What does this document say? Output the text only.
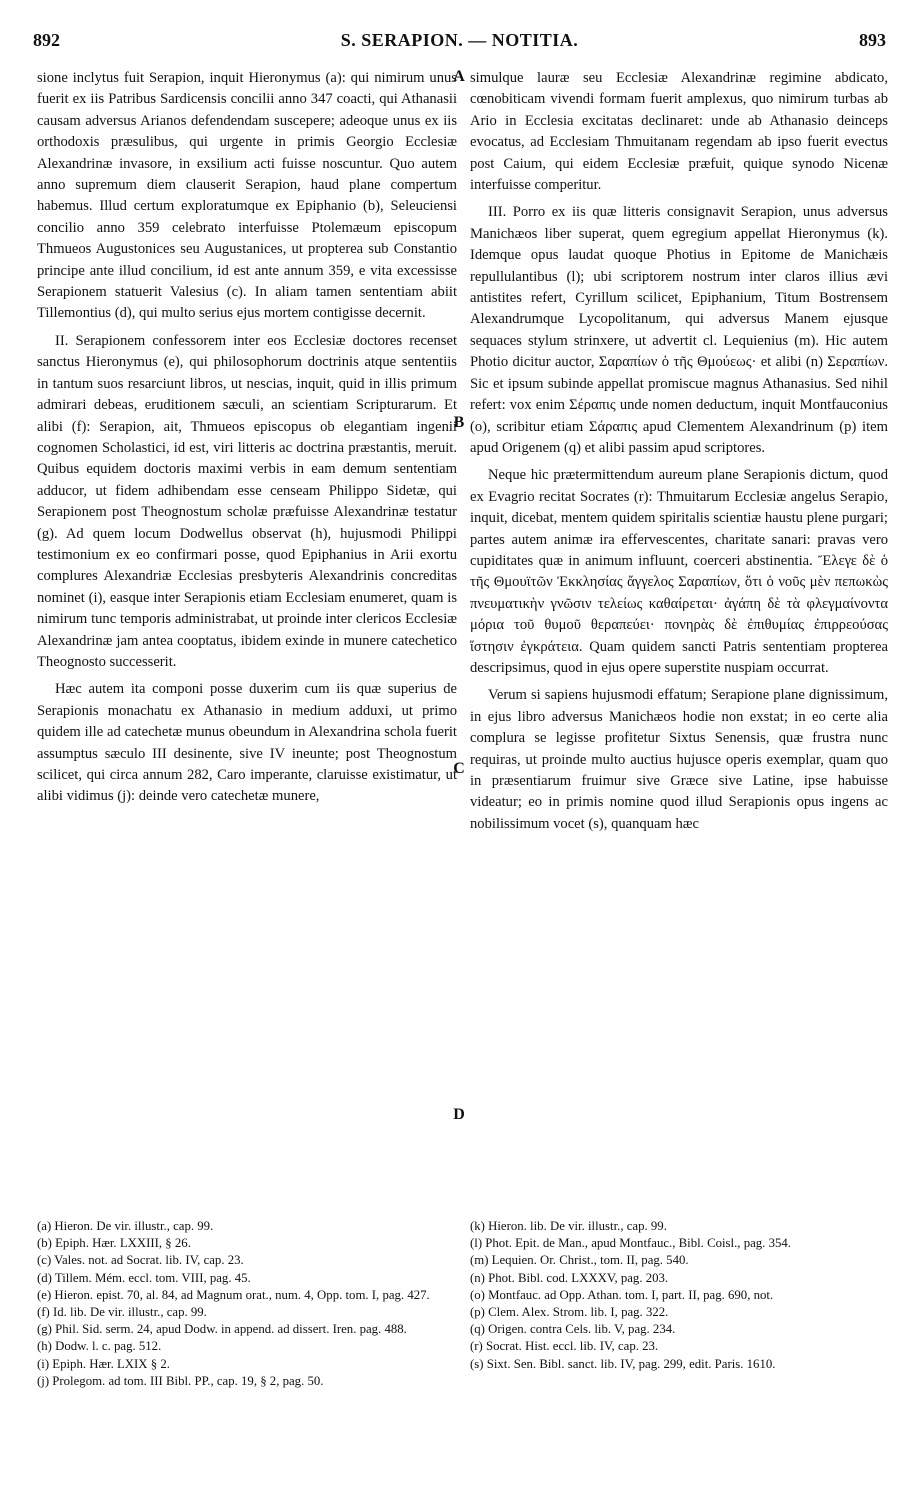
892	S. SERAPION. — NOTITIA.	893

sione inclytus fuit Serapion, inquit Hieronymus (a): qui nimirum unus fuerit ex iis Patribus Sardicensis concilii anno 347 coacti, qui Athanasii causam adversus Arianos defendendam suscepere; adeoque unus ex iis orthodoxis præsulibus, qui urgente in primis Georgio Ecclesiæ Alexandrinæ invasore, in exsilium acti fuisse noscuntur. Quo autem anno supremum diem clauserit Serapion, haud plane compertum habemus. Illud certum exploratumque ex Epiphanio (b), Seleuciensi concilio anno 359 celebrato interfuisse Ptolemæum episcopum Thmueos Augustonices seu Augustanices, ut propterea sub Constantio principe ante illud concilium, id est ante annum 359, e vita excessisse Serapionem statuerit Valesius (c). In aliam tamen sententiam abiit Tillemontius (d), qui multo serius ejus mortem contigisse decernit.

II. Serapionem confessorem inter eos Ecclesiæ doctores recenset sanctus Hieronymus (e), qui philosophorum doctrinis atque sententiis in tantum suos resarciunt libros, ut nescias, inquit, quid in illis primum admirari debeas, eruditionem sæculi, an scientiam Scripturarum. Et alibi (f): Serapion, ait, Thmueos episcopus ob elegantiam ingenii cognomen Scholastici, id est, viri litteris ac doctrina præstantis, meruit. Quibus equidem doctoris maximi verbis in eam demum sententiam adducor, ut fidem adhibendam esse censeam Philippo Sidetæ, qui Serapionem post Theognostum scholæ præfuisse Alexandrinæ testatur (g). Ad quem locum Dodwellus observat (h), hujusmodi Philippi testimonium ex eo confirmari posse, quod Epiphanius in Arii exortu complures Alexandriæ Ecclesias presbyteris Alexandrinis concreditas nominet (i), easque inter Serapionis etiam Ecclesiam enumeret, quam is nimirum tunc temporis administrabat, ut proinde inter clericos Ecclesiæ Alexandrinæ jam antea cooptatus, ibidem exinde in munere catechetico Theognosto successerit.

Hæc autem ita componi posse duxerim cum iis quæ superius de Serapionis monachatu ex Athanasio in medium adduxi, ut primo quidem ille ad catechetæ munus obeundum in Alexandrina schola fuerit assumptus sæculo III desinente, sive IV ineunte; post Theognostum scilicet, qui circa annum 282, Caro imperante, claruisse existimatur, ut alibi vidimus (j): deinde vero catechetæ munere,

A
B
C
D

simulque lauræ seu Ecclesiæ Alexandrinæ regimine abdicato, cœnobiticam vivendi formam fuerit amplexus, quo nimirum turbas ab Ario in Ecclesia excitatas declinaret: unde ab Athanasio deinceps evocatus, ad Ecclesiam Thmuitanam regendam ab ipso fuerit evectus post Caium, qui eidem Ecclesiæ præfuit, quique synodo Nicenæ interfuisse comperitur.

III. Porro ex iis quæ litteris consignavit Serapion, unus adversus Manichæos liber superat, quem egregium appellat Hieronymus (k). Idemque opus laudat quoque Photius in Epitome de Manichæis repullulantibus (l); ubi scriptorem nostrum inter claros illius ævi antistites refert, Cyrillum scilicet, Epiphanium, Titum Bostrensem Alexandrumque Lycopolitanum, qui adversus Manem ejusque sequaces stylum strinxere, ut advertit cl. Lequienius (m). Hic autem Photio dicitur auctor, Σαραπίων ὁ τῆς Θμούεως· et alibi (n) Σεραπίων. Sic et ipsum subinde appellat promiscue magnus Athanasius. Sed nihil refert: vox enim Σέραπις unde nomen deductum, inquit Montfauconius (o), scribitur etiam Σάραπις apud Clementem Alexandrinum (p) item apud Origenem (q) et alibi passim apud scriptores.

Neque hic prætermittendum aureum plane Serapionis dictum, quod ex Evagrio recitat Socrates (r): Thmuitarum Ecclesiæ angelus Serapio, inquit, dicebat, mentem quidem spiritalis scientiæ haustu plene purgari; partes autem animæ ira effervescentes, charitate sanari: pravas vero cupiditates quæ in animum influunt, coerceri abstinentia. Ἔλεγε δὲ ὁ τῆς Θμουϊτῶν Ἐκκλησίας ἄγγελος Σαραπίων, ὅτι ὁ νοῦς μὲν πεπωκὼς πνευματικὴν γνῶσιν τελείως καθαίρεται· ἀγάπη δὲ τὰ φλεγμαίνοντα μόρια τοῦ θυμοῦ θεραπεύει· πονηρὰς δὲ ἐπιθυμίας ἐπιρρεούσας ἵστησιν ἐγκράτεια. Quam quidem sancti Patris sententiam propterea descripsimus, quod in ejus opere superstite nuspiam occurrat.

Verum si sapiens hujusmodi effatum; Serapione plane dignissimum, in ejus libro adversus Manichæos hodie non exstat; in eo certe alia complura se legisse profitetur Sixtus Senensis, quæ frustra nunc requiras, ut proinde multo auctius hujusce operis exemplar, quam quo in præsentiarum fruimur sive Græce sive Latine, ipse habuisse videatur; eo in primis nomine quod illud Serapionis opus ingens ac nobilissimum vocet (s), quanquam hæc

(a) Hieron. De vir. illustr., cap. 99.

(b) Epiph. Hær. LXXIII, § 26.

(c) Vales. not. ad Socrat. lib. IV, cap. 23.

(d) Tillem. Mém. eccl. tom. VIII, pag. 45.

(e) Hieron. epist. 70, al. 84, ad Magnum orat., num. 4, Opp. tom. I, pag. 427.

(f) Id. lib. De vir. illustr., cap. 99.

(g) Phil. Sid. serm. 24, apud Dodw. in append. ad dissert. Iren. pag. 488.

(h) Dodw. l. c. pag. 512.

(i) Epiph. Hær. LXIX § 2.

(j) Prolegom. ad tom. III Bibl. PP., cap. 19, § 2, pag. 50.

(k) Hieron. lib. De vir. illustr., cap. 99.

(l) Phot. Epit. de Man., apud Montfauc., Bibl. Coisl., pag. 354.

(m) Lequien. Or. Christ., tom. II, pag. 540.

(n) Phot. Bibl. cod. LXXXV, pag. 203.

(o) Montfauc. ad Opp. Athan. tom. I, part. II, pag. 690, not.

(p) Clem. Alex. Strom. lib. I, pag. 322.

(q) Origen. contra Cels. lib. V, pag. 234.

(r) Socrat. Hist. eccl. lib. IV, cap. 23.

(s) Sixt. Sen. Bibl. sanct. lib. IV, pag. 299, edit. Paris. 1610.
